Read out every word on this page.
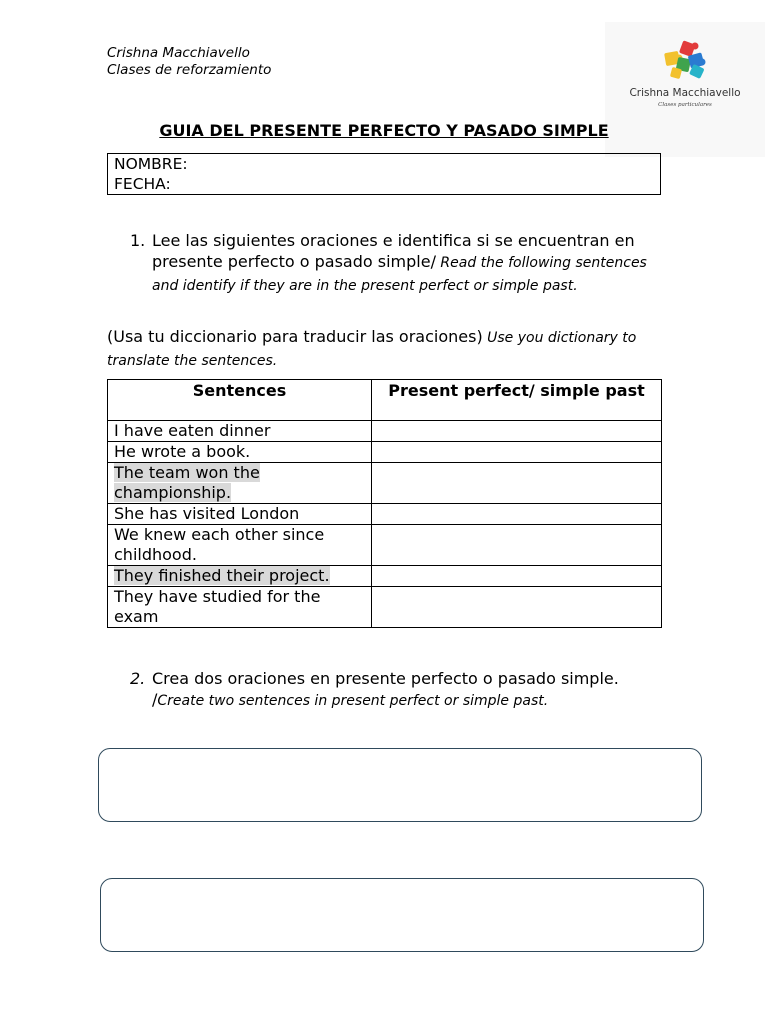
Crishna Macchiavello
Clases de reforzamiento
Crishna Macchiavello
Clases particulares
GUIA DEL PRESENTE PERFECTO Y PASADO SIMPLE
NOMBRE:
FECHA:
1. Lee las siguientes oraciones e identifica si se encuentran en presente perfecto o pasado simple/ Read the following sentences and identify if they are in the present perfect or simple past.
(Usa tu diccionario para traducir las oraciones) Use you dictionary to translate the sentences.
Sentences	Present perfect/ simple past
I have eaten dinner	
He wrote a book.	
The team won the championship.	
She has visited London	
We knew each other since childhood.	
They finished their project.	
They have studied for the exam	
2. Crea dos oraciones en presente perfecto o pasado simple. /Create two sentences in present perfect or simple past.
